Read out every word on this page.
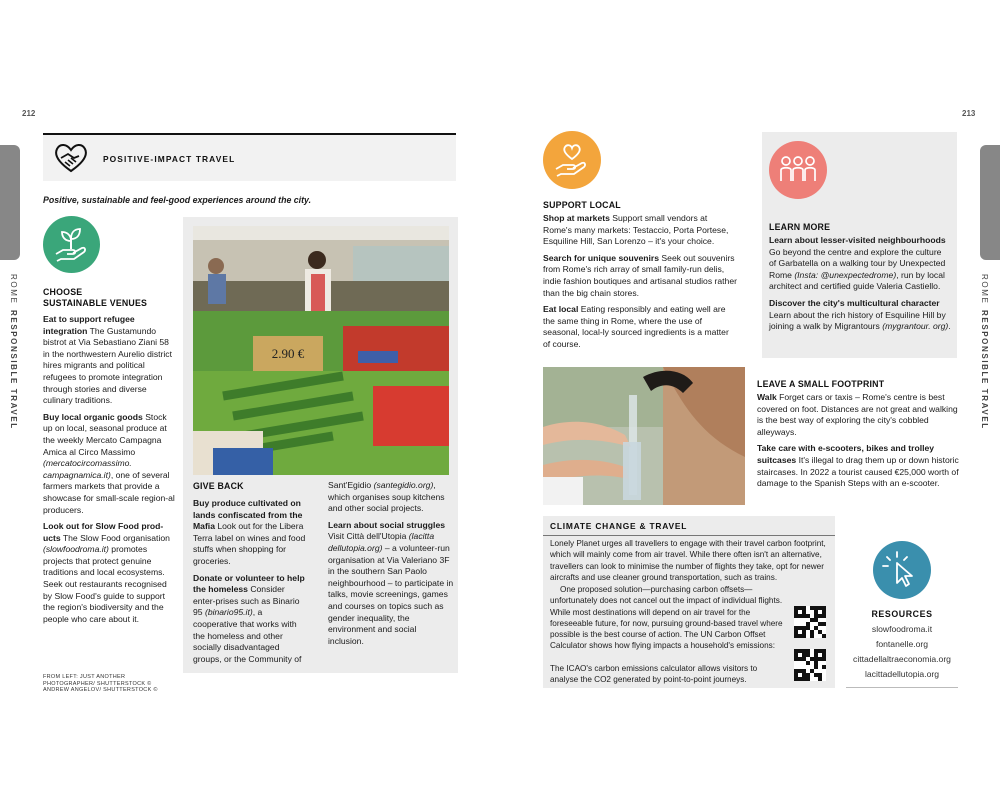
212	213
ROMERESPONSIBLE TRAVEL
ROMERESPONSIBLE TRAVEL
POSITIVE-IMPACT TRAVEL
Positive, sustainable and feel-good experiences around the city.
CHOOSE
SUSTAINABLE VENUES

Eat to support refugee integration The Gustamundo bistrot at Via Sebastiano Ziani 58 in the northwestern Aurelio district hires migrants and political refugees to promote integration through stories and diverse culinary traditions.

Buy local organic goods Stock up on local, seasonal produce at the weekly Mercato Campagna Amica al Circo Massimo (mercatocircomassimo. campagnamica.it), one of several farmers markets that provide a showcase for small-scale region-al producers.

Look out for Slow Food prod-ucts The Slow Food organisation (slowfoodroma.it) promotes projects that protect genuine traditions and local ecosystems. Seek out restaurants recognised by Slow Food's guide to support the region's biodiversity and the people who care about it.

FROM LEFT: JUST ANOTHER PHOTOGRAPHER/ SHUTTERSTOCK © ANDREW ANGELOV/ SHUTTERSTOCK ©
2.90 €
GIVE BACK

Buy produce cultivated on lands confiscated from the Mafia Look out for the Libera Terra label on wines and food stuffs when shopping for groceries.

Donate or volunteer to help the homeless Consider enter-prises such as Binario 95 (binario95.it), a cooperative that works with the homeless and other socially disadvantaged groups, or the Community of

Sant'Egidio (santegidio.org), which organises soup kitchens and other social projects.

Learn about social struggles Visit Città dell'Utopia (lacitta dellutopia.org) – a volunteer-run organisation at Via Valeriano 3F in the southern San Paolo neighbourhood – to participate in talks, movie screenings, games and courses on topics such as gender inequality, the environment and social inclusion.

SUPPORT LOCAL

Shop at markets Support small vendors at Rome's many markets: Testaccio, Porta Portese, Esquiline Hill, San Lorenzo – it's your choice.

Search for unique souvenirs Seek out souvenirs from Rome's rich array of small family-run delis, indie fashion boutiques and artisanal studios rather than the big chain stores.

Eat local Eating responsibly and eating well are the same thing in Rome, where the use of seasonal, local-ly sourced ingredients is a matter of course.

LEARN MORE

Learn about lesser-visited neighbourhoods Go beyond the centre and explore the culture of Garbatella on a walking tour by Unexpected Rome (Insta: @unexpectedrome), run by local architect and certified guide Valeria Castiello.

Discover the city's multicultural character Learn about the rich history of Esquiline Hill by joining a walk by Migrantours (mygrantour. org).

LEAVE A SMALL FOOTPRINT

Walk Forget cars or taxis – Rome's centre is best covered on foot. Distances are not great and walking is the best way of exploring the city's cobbled alleyways.

Take care with e-scooters, bikes and trolley suitcases It's illegal to drag them up or down historic staircases. In 2022 a tourist caused €25,000 worth of damage to the Spanish Steps with an e-scooter.

CLIMATE CHANGE & TRAVEL
Lonely Planet urges all travellers to engage with their travel carbon footprint, which will mainly come from air travel. While there often isn't an alternative, travellers can look to minimise the number of flights they take, opt for newer aircrafts and use cleaner ground transportation, such as trains.
One proposed solution—purchasing carbon offsets—unfortunately does not cancel out the impact of individual flights. While most destinations will depend on air travel for the foreseeable future, for now, pursuing ground-based travel where possible is the best course of action. The UN Carbon Offset Calculator shows how flying impacts a household's emissions:
The ICAO's carbon emissions calculator allows visitors to analyse the CO2 generated by point-to-point journeys.
RESOURCES
slowfoodroma.it
fontanelle.org
cittadellaltraeconomia.org
lacittadellutopia.org
